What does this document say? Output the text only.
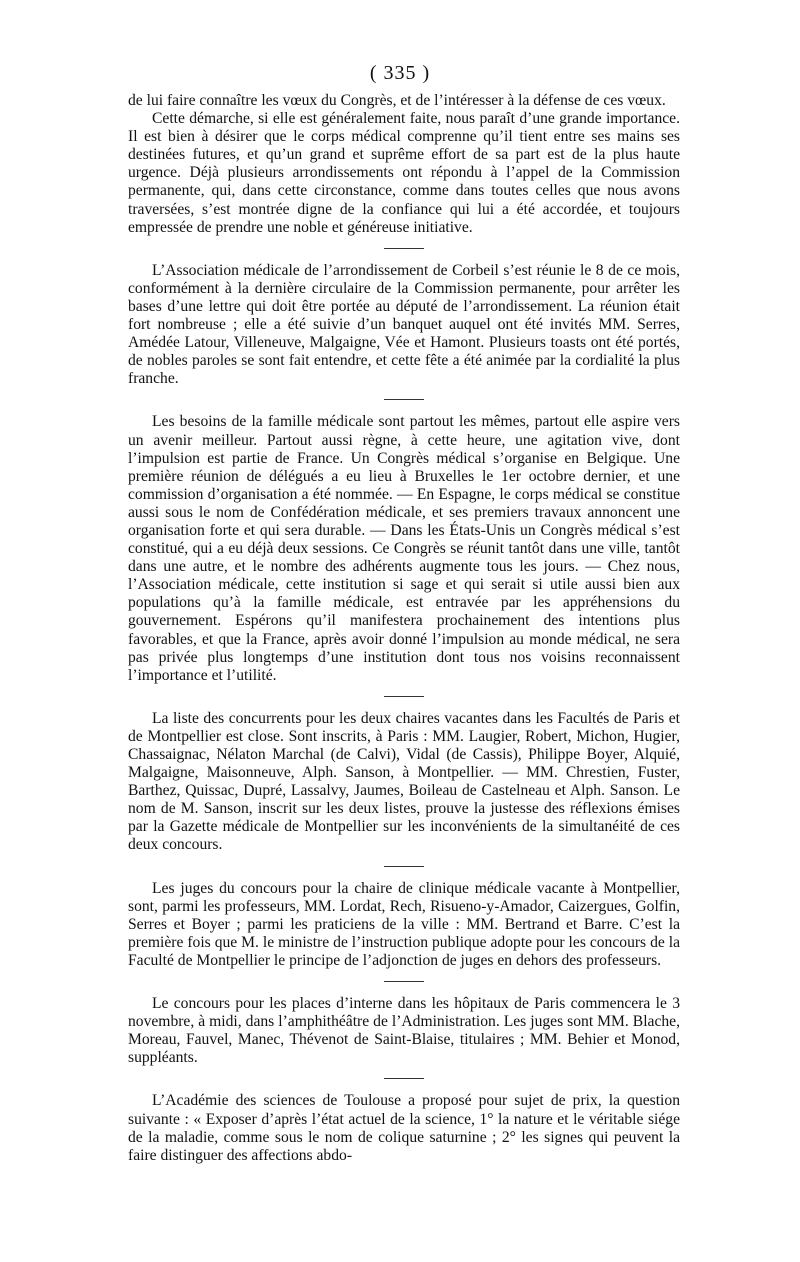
( 335 )

de lui faire connaître les vœux du Congrès, et de l’intéresser à la défense de ces vœux.

Cette démarche, si elle est généralement faite, nous paraît d’une grande importance. Il est bien à désirer que le corps médical comprenne qu’il tient entre ses mains ses destinées futures, et qu’un grand et suprême effort de sa part est de la plus haute urgence. Déjà plusieurs arrondissements ont répondu à l’appel de la Commission permanente, qui, dans cette circonstance, comme dans toutes celles que nous avons traversées, s’est montrée digne de la confiance qui lui a été accordée, et toujours empressée de prendre une noble et généreuse initiative.

L’Association médicale de l’arrondissement de Corbeil s’est réunie le 8 de ce mois, conformément à la dernière circulaire de la Commission permanente, pour arrêter les bases d’une lettre qui doit être portée au député de l’arrondissement. La réunion était fort nombreuse ; elle a été suivie d’un banquet auquel ont été invités MM. Serres, Amédée Latour, Villeneuve, Malgaigne, Vée et Hamont. Plusieurs toasts ont été portés, de nobles paroles se sont fait entendre, et cette fête a été animée par la cordialité la plus franche.

Les besoins de la famille médicale sont partout les mêmes, partout elle aspire vers un avenir meilleur. Partout aussi règne, à cette heure, une agitation vive, dont l’impulsion est partie de France. Un Congrès médical s’organise en Belgique. Une première réunion de délégués a eu lieu à Bruxelles le 1er octobre dernier, et une commission d’organisation a été nommée. — En Espagne, le corps médical se constitue aussi sous le nom de Confédération médicale, et ses premiers travaux annoncent une organisation forte et qui sera durable. — Dans les États-Unis un Congrès médical s’est constitué, qui a eu déjà deux sessions. Ce Congrès se réunit tantôt dans une ville, tantôt dans une autre, et le nombre des adhérents augmente tous les jours. — Chez nous, l’Association médicale, cette institution si sage et qui serait si utile aussi bien aux populations qu’à la famille médicale, est entravée par les appréhensions du gouvernement. Espérons qu’il manifestera prochainement des intentions plus favorables, et que la France, après avoir donné l’impulsion au monde médical, ne sera pas privée plus longtemps d’une institution dont tous nos voisins reconnaissent l’importance et l’utilité.

La liste des concurrents pour les deux chaires vacantes dans les Facultés de Paris et de Montpellier est close. Sont inscrits, à Paris : MM. Laugier, Robert, Michon, Hugier, Chassaignac, Nélaton Marchal (de Calvi), Vidal (de Cassis), Philippe Boyer, Alquié, Malgaigne, Maisonneuve, Alph. Sanson, à Montpellier. — MM. Chrestien, Fuster, Barthez, Quissac, Dupré, Lassalvy, Jaumes, Boileau de Castelneau et Alph. Sanson. Le nom de M. Sanson, inscrit sur les deux listes, prouve la justesse des réflexions émises par la Gazette médicale de Montpellier sur les inconvénients de la simultanéité de ces deux concours.

Les juges du concours pour la chaire de clinique médicale vacante à Montpellier, sont, parmi les professeurs, MM. Lordat, Rech, Risueno-y-Amador, Caizergues, Golfin, Serres et Boyer ; parmi les praticiens de la ville : MM. Bertrand et Barre. C’est la première fois que M. le ministre de l’instruction publique adopte pour les concours de la Faculté de Montpellier le principe de l’adjonction de juges en dehors des professeurs.

Le concours pour les places d’interne dans les hôpitaux de Paris commencera le 3 novembre, à midi, dans l’amphithéâtre de l’Administration. Les juges sont MM. Blache, Moreau, Fauvel, Manec, Thévenot de Saint-Blaise, titulaires ; MM. Behier et Monod, suppléants.

L’Académie des sciences de Toulouse a proposé pour sujet de prix, la question suivante : « Exposer d’après l’état actuel de la science, 1° la nature et le véritable siége de la maladie, comme sous le nom de colique saturnine ; 2° les signes qui peuvent la faire distinguer des affections abdo-
